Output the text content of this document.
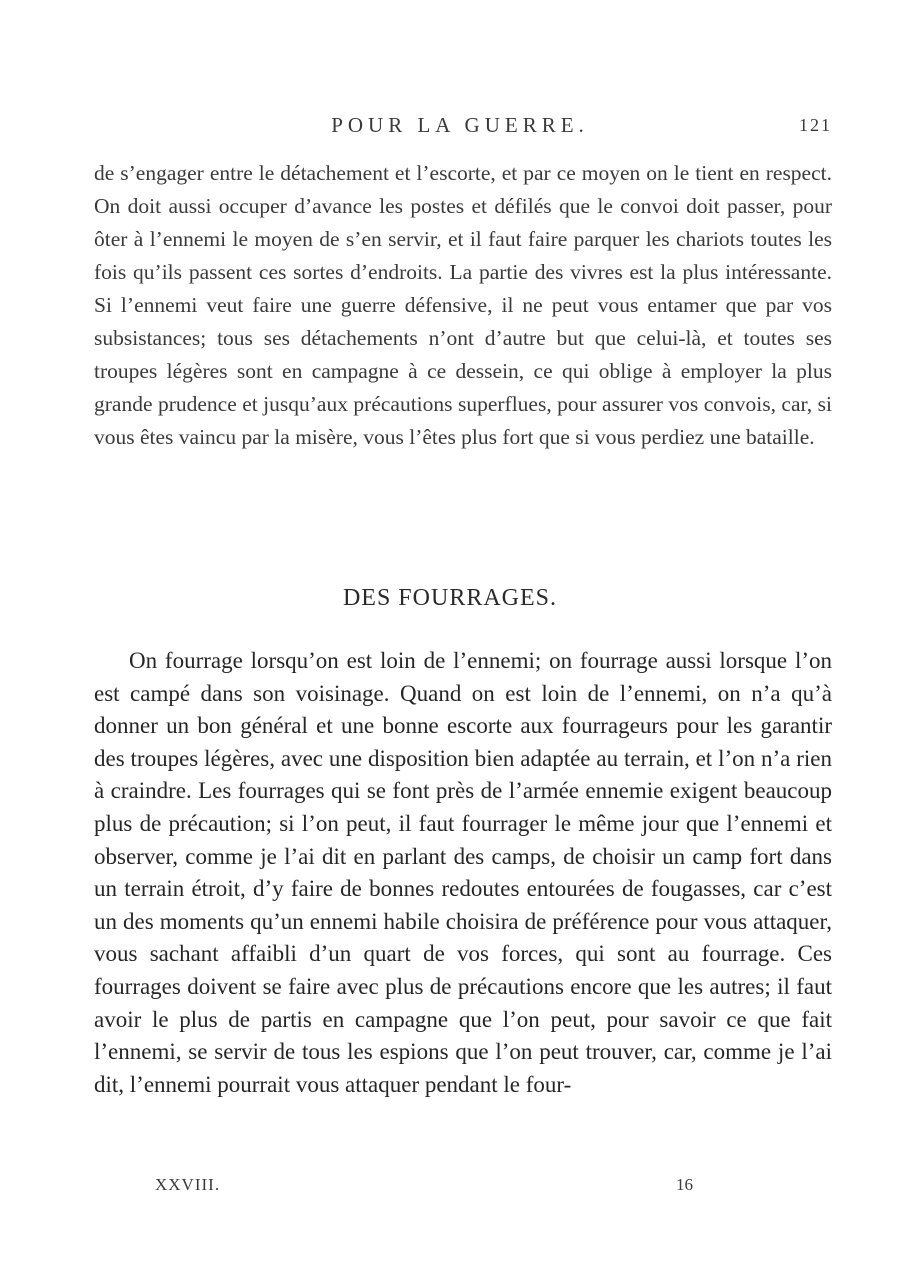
POUR LA GUERRE.	121

de s’engager entre le détachement et l’escorte, et par ce moyen on le tient en respect. On doit aussi occuper d’avance les postes et défilés que le convoi doit passer, pour ôter à l’ennemi le moyen de s’en servir, et il faut faire parquer les chariots toutes les fois qu’ils passent ces sortes d’endroits. La partie des vivres est la plus intéressante. Si l’ennemi veut faire une guerre défensive, il ne peut vous entamer que par vos subsistances; tous ses détachements n’ont d’autre but que celui-là, et toutes ses troupes légères sont en campagne à ce dessein, ce qui oblige à employer la plus grande prudence et jusqu’aux précautions superflues, pour assurer vos convois, car, si vous êtes vaincu par la misère, vous l’êtes plus fort que si vous perdiez une bataille.

DES FOURRAGES.

On fourrage lorsqu’on est loin de l’ennemi; on fourrage aussi lorsque l’on est campé dans son voisinage. Quand on est loin de l’ennemi, on n’a qu’à donner un bon général et une bonne escorte aux fourrageurs pour les garantir des troupes légères, avec une disposition bien adaptée au terrain, et l’on n’a rien à craindre. Les fourrages qui se font près de l’armée ennemie exigent beaucoup plus de précaution; si l’on peut, il faut fourrager le même jour que l’ennemi et observer, comme je l’ai dit en parlant des camps, de choisir un camp fort dans un terrain étroit, d’y faire de bonnes redoutes entourées de fougasses, car c’est un des moments qu’un ennemi habile choisira de préférence pour vous attaquer, vous sachant affaibli d’un quart de vos forces, qui sont au fourrage. Ces fourrages doivent se faire avec plus de précautions encore que les autres; il faut avoir le plus de partis en campagne que l’on peut, pour savoir ce que fait l’ennemi, se servir de tous les espions que l’on peut trouver, car, comme je l’ai dit, l’ennemi pourrait vous attaquer pendant le four-

XXVIII.	16
